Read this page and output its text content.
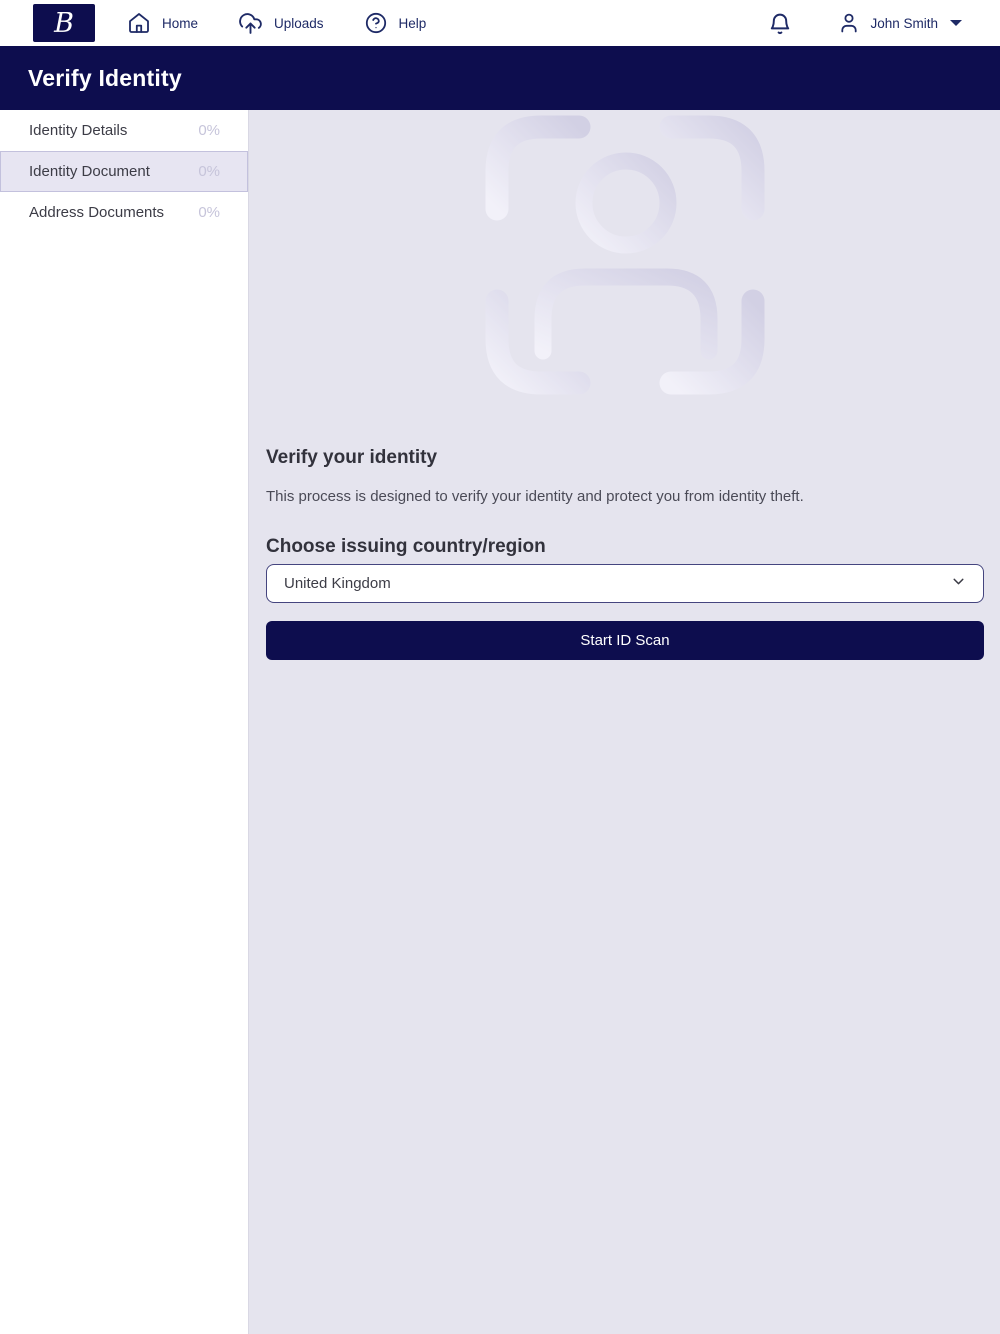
B	Home	Uploads	Help	John Smith
Verify Identity
Identity Details	0%
Identity Document	0%
Address Documents 0%
Verify your identity

This process is designed to verify your identity and protect you from identity theft.

Choose issuing country/region
United Kingdom
Start ID Scan
